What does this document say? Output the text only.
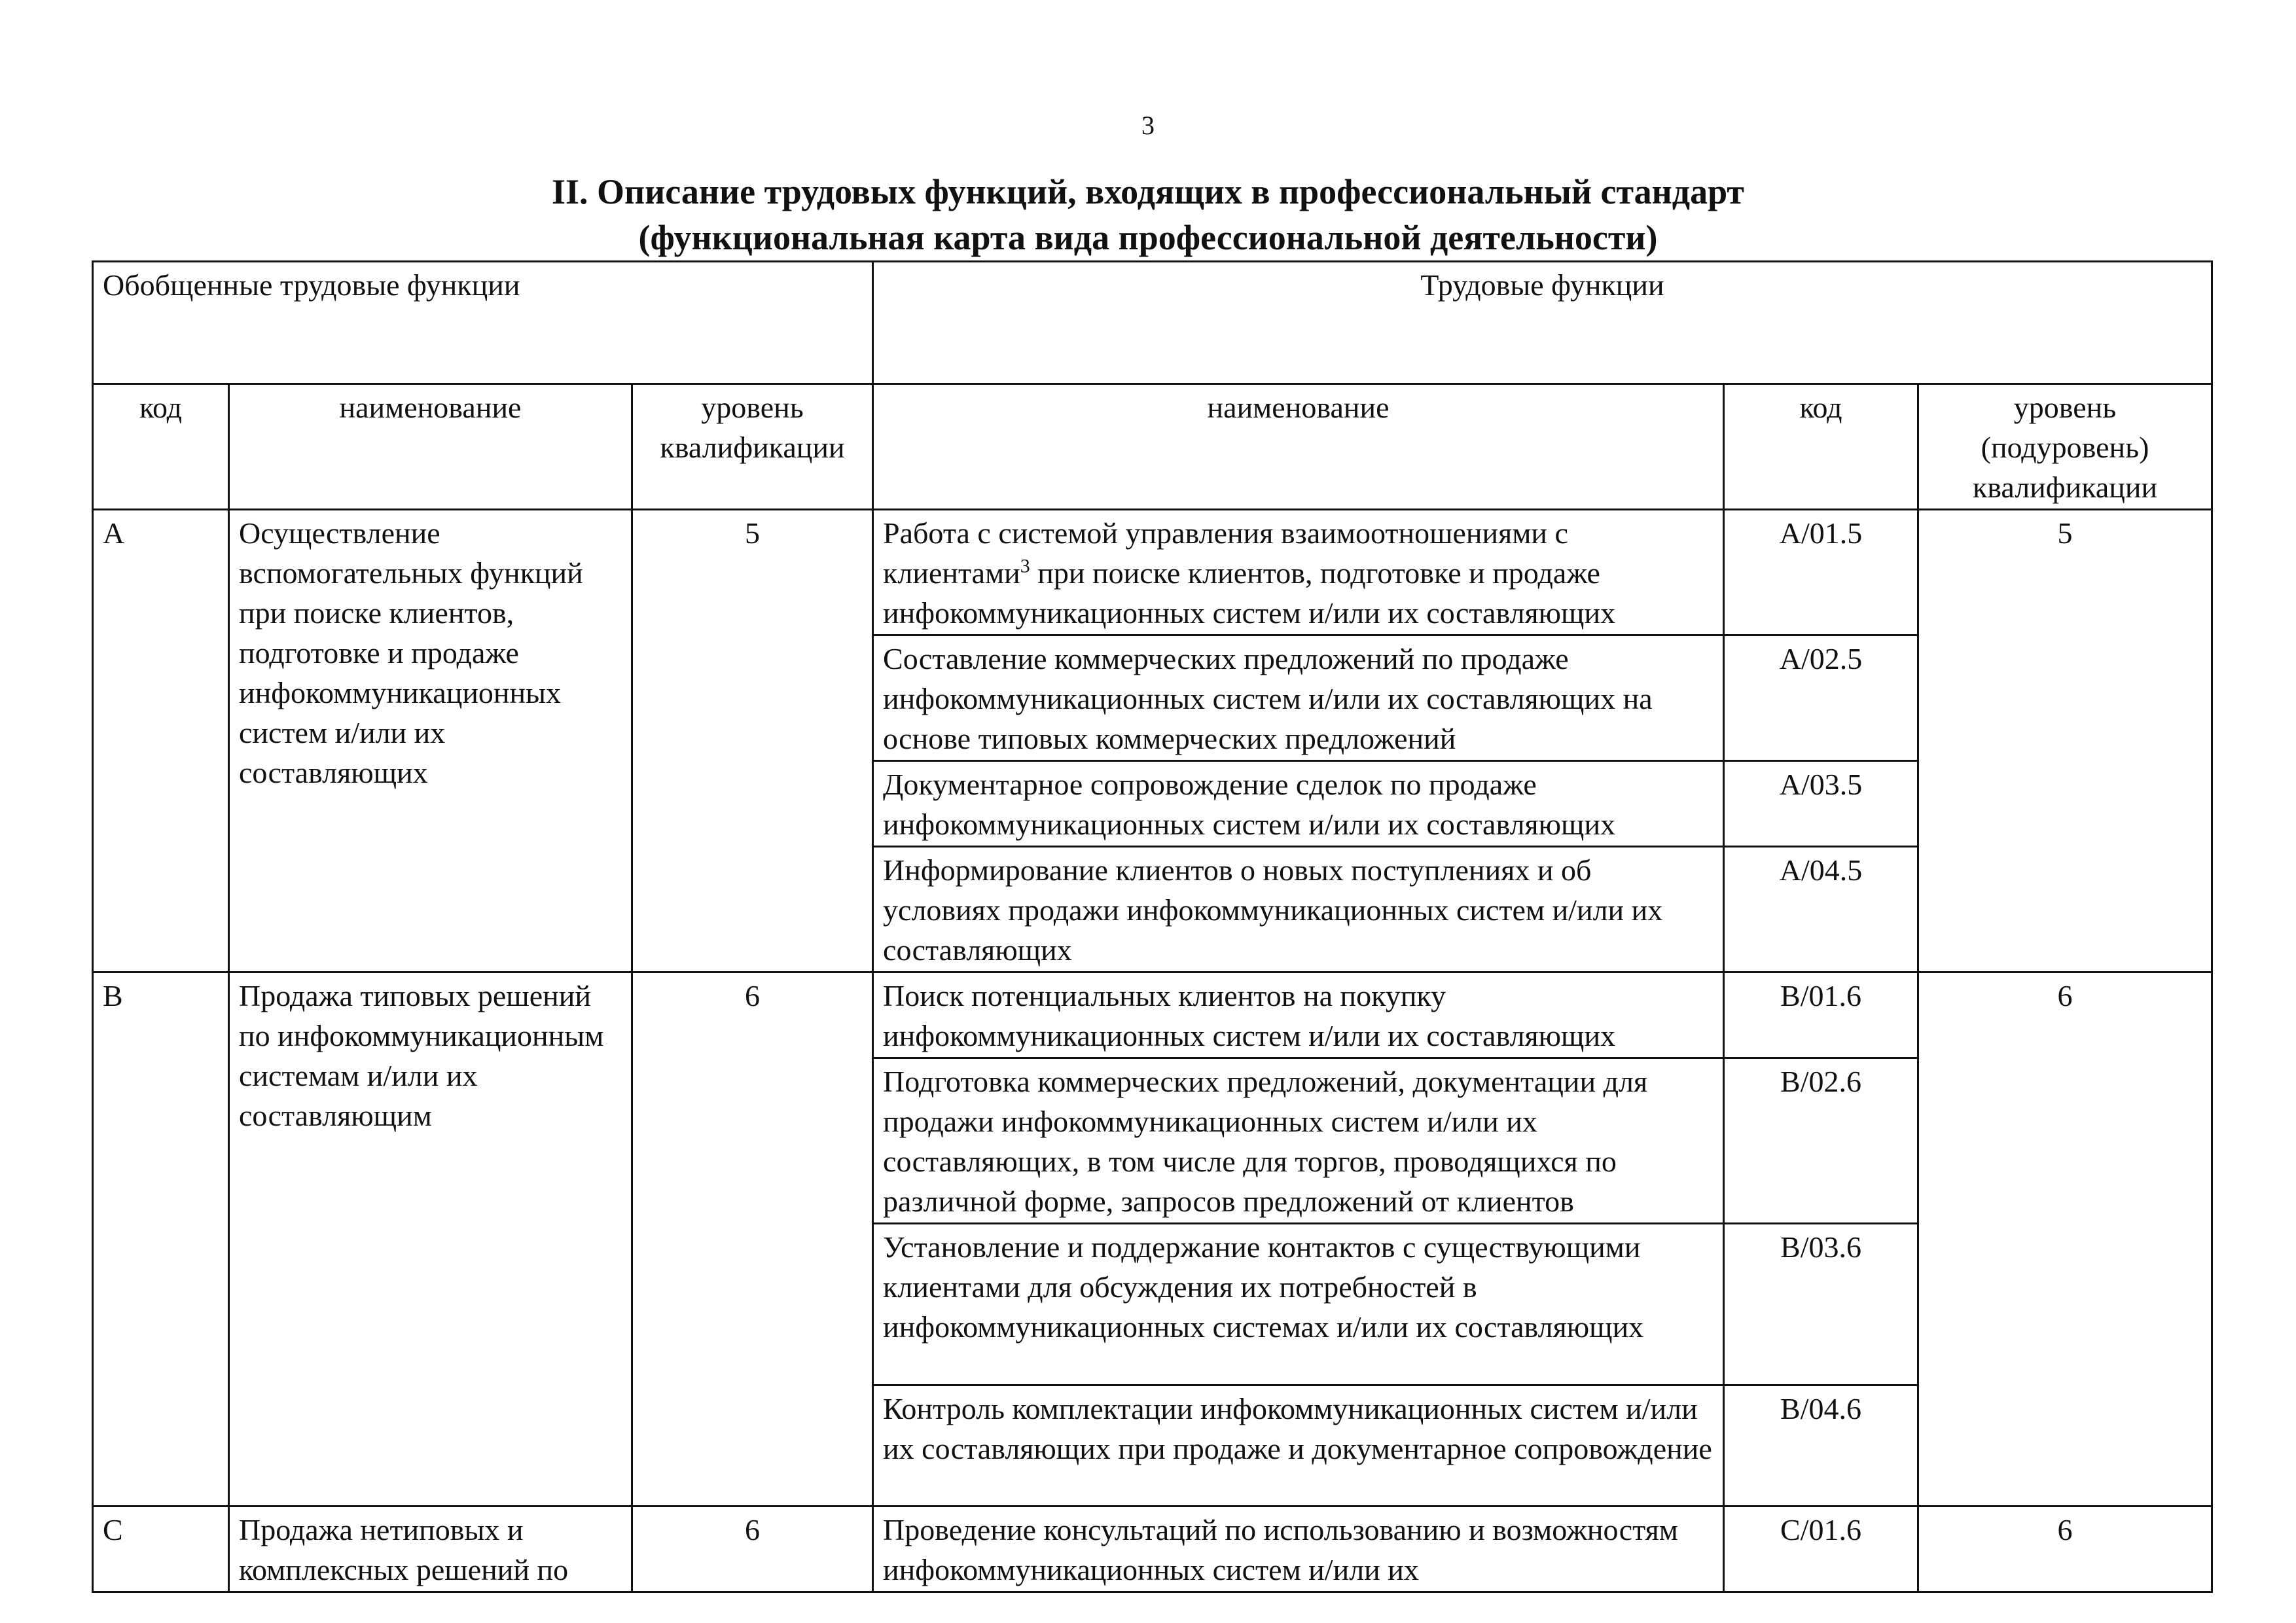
3
II. Описание трудовых функций, входящих в профессиональный стандарт
(функциональная карта вида профессиональной деятельности)
Обобщенные трудовые функции			Трудовые функции		
код	наименование	уровень квалификации	наименование	код	уровень (подуровень) квалификации
A	Осуществление вспомогательных функций при поиске клиентов, подготовке и продаже инфокоммуникационных систем и/или их составляющих	5	Работа с системой управления взаимоотношениями с клиентами$^3$ при поиске клиентов, подготовке и продаже инфокоммуникационных систем и/или их составляющих	A/01.5	5
			Составление коммерческих предложений по продаже инфокоммуникационных систем и/или их составляющих на основе типовых коммерческих предложений	A/02.5	
			Документарное сопровождение сделок по продаже инфокоммуникационных систем и/или их составляющих	A/03.5	
			Информирование клиентов о новых поступлениях и об условиях продажи инфокоммуникационных систем и/или их составляющих	A/04.5	
B	Продажа типовых решений по инфокоммуникационным системам и/или их составляющим	6	Поиск потенциальных клиентов на покупку инфокоммуникационных систем и/или их составляющих	B/01.6	6
			Подготовка коммерческих предложений, документации для продажи инфокоммуникационных систем и/или их составляющих, в том числе для торгов, проводящихся по различной форме, запросов предложений от клиентов	B/02.6	
			Установление и поддержание контактов с существующими клиентами для обсуждения их потребностей в инфокоммуникационных системах и/или их составляющих	B/03.6	
			Контроль комплектации инфокоммуникационных систем и/или их составляющих при продаже и документарное сопровождение	B/04.6	
C	Продажа нетиповых и комплексных решений по	6	Проведение консультаций по использованию и возможностям инфокоммуникационных систем и/или их	C/01.6	6
